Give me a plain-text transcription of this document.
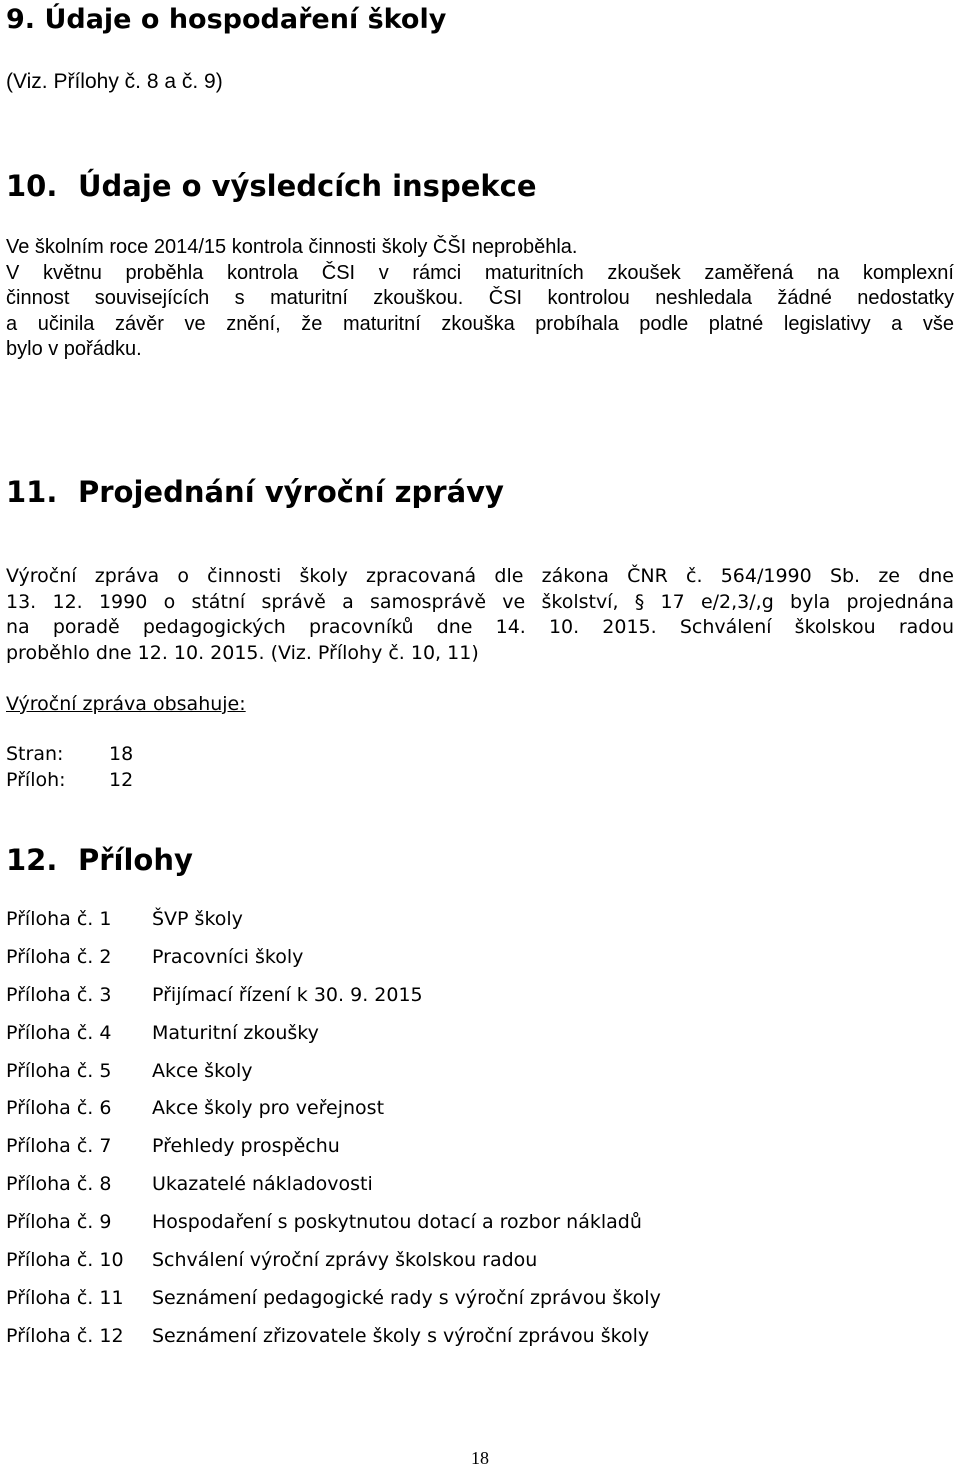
9. Údaje o hospodaření školy
(Viz. Přílohy č. 8 a č. 9)
10. Údaje o výsledcích inspekce
Ve školním roce 2014/15 kontrola činnosti školy ČŠI neproběhla.
V květnu proběhla kontrola ČSI v rámci maturitních zkoušek zaměřená na komplexní
činnost souvisejících s maturitní zkouškou. ČSI kontrolou neshledala žádné nedostatky
a učinila závěr ve znění, že maturitní zkouška probíhala podle platné legislativy a vše
bylo v pořádku.
11. Projednání výroční zprávy
Výroční zpráva o činnosti školy zpracovaná dle zákona ČNR č. 564/1990 Sb. ze dne
13. 12. 1990 o státní správě a samosprávě ve školství, § 17 e/2,3/,g byla projednána
na poradě pedagogických pracovníků dne 14. 10. 2015. Schválení školskou radou
proběhlo dne 12. 10. 2015. (Viz. Přílohy č. 10, 11)
Výroční zpráva obsahuje:
Stran: 18
Příloh: 12
12. Přílohy
Příloha č. 1 ŠVP školy
Příloha č. 2 Pracovníci školy
Příloha č. 3 Přijímací řízení k 30. 9. 2015
Příloha č. 4 Maturitní zkoušky
Příloha č. 5 Akce školy
Příloha č. 6 Akce školy pro veřejnost
Příloha č. 7 Přehledy prospěchu
Příloha č. 8 Ukazatelé nákladovosti
Příloha č. 9 Hospodaření s poskytnutou dotací a rozbor nákladů
Příloha č. 10 Schválení výroční zprávy školskou radou
Příloha č. 11 Seznámení pedagogické rady s výroční zprávou školy
Příloha č. 12 Seznámení zřizovatele školy s výroční zprávou školy
18
